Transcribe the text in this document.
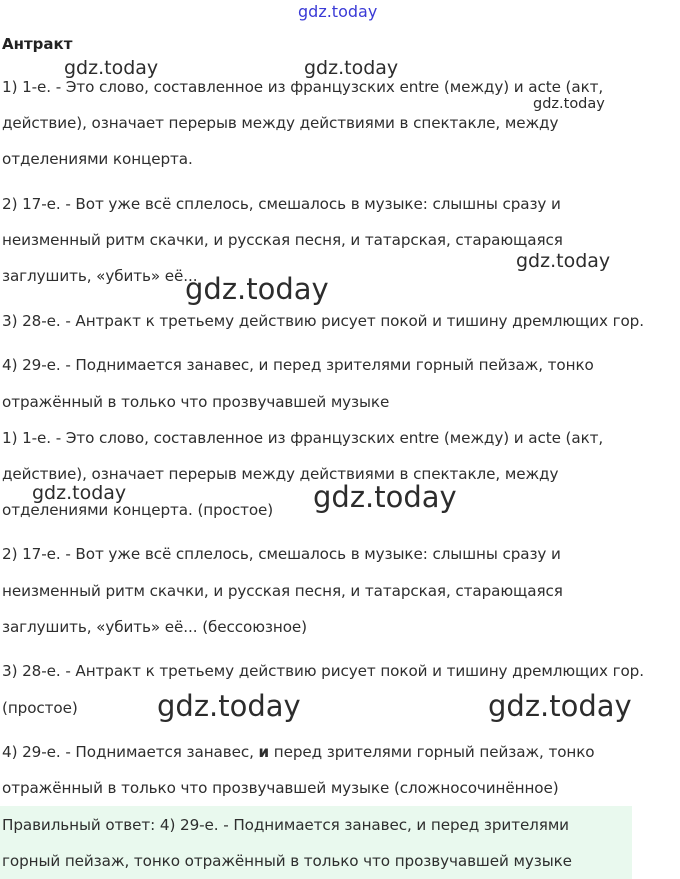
gdz.today
Антракт
gdz.today	gdz.today
gdz.today
gdz.today
gdz.today
gdz.today	gdz.today
gdz.today	gdz.today
1) 1-е. - Это слово, составленное из французских entre (между) и acte (акт,
действие), означает перерыв между действиями в спектакле, между
отделениями концерта.
2) 17-е. - Вот уже всё сплелось, смешалось в музыке: слышны сразу и
неизменный ритм скачки, и русская песня, и татарская, старающаяся
заглушить, «убить» её...
3) 28-е. - Антракт к третьему действию рисует покой и тишину дремлющих гор.
4) 29-е. - Поднимается занавес, и перед зрителями горный пейзаж, тонко
отражённый в только что прозвучавшей музыке
1) 1-е. - Это слово, составленное из французских entre (между) и acte (акт,
действие), означает перерыв между действиями в спектакле, между
отделениями концерта. (простое)
2) 17-е. - Вот уже всё сплелось, смешалось в музыке: слышны сразу и
неизменный ритм скачки, и русская песня, и татарская, старающаяся
заглушить, «убить» её... (бессоюзное)
3) 28-е. - Антракт к третьему действию рисует покой и тишину дремлющих гор.
(простое)
4) 29-е. - Поднимается занавес, и перед зрителями горный пейзаж, тонко
отражённый в только что прозвучавшей музыке (сложносочинённое)
Правильный ответ: 4) 29-е. - Поднимается занавес, и перед зрителями
горный пейзаж, тонко отражённый в только что прозвучавшей музыке
